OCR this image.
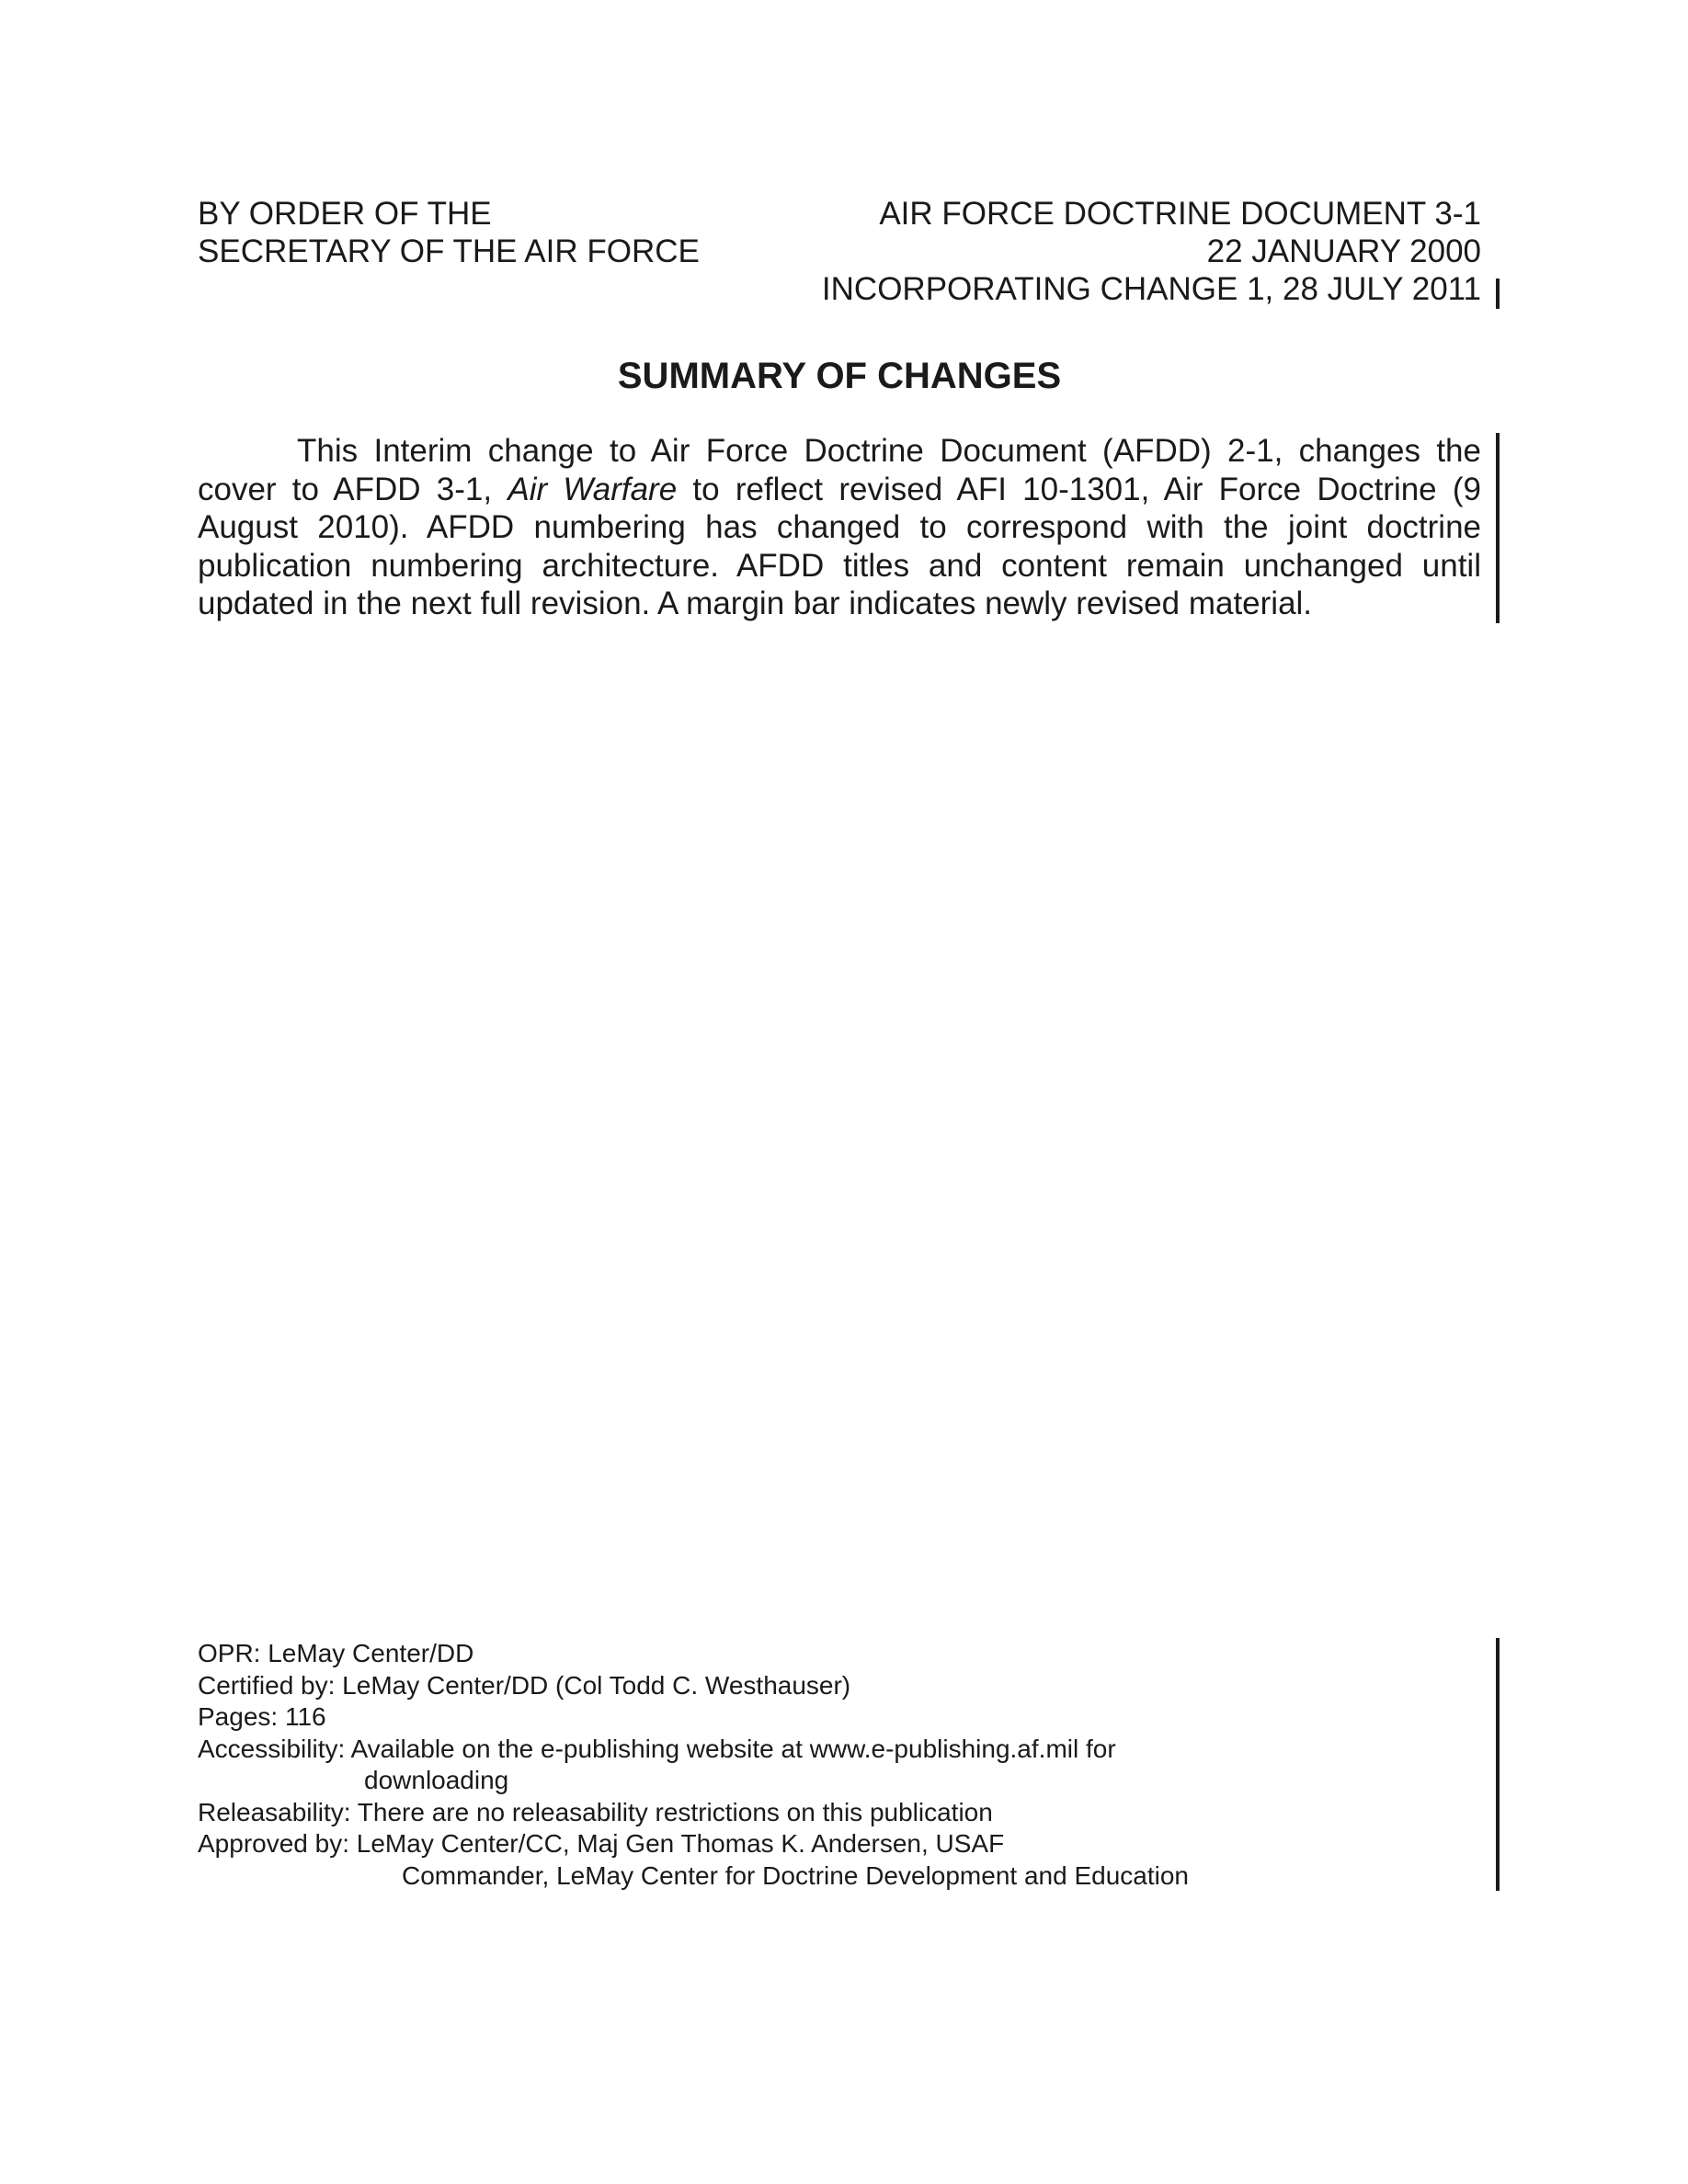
BY ORDER OF THE
SECRETARY OF THE AIR FORCE
AIR FORCE DOCTRINE DOCUMENT 3-1
22 JANUARY 2000
INCORPORATING CHANGE 1, 28 JULY 2011
SUMMARY OF CHANGES

This Interim change to Air Force Doctrine Document (AFDD) 2-1, changes the cover to AFDD 3-1, Air Warfare to reflect revised AFI 10-1301, Air Force Doctrine (9 August 2010). AFDD numbering has changed to correspond with the joint doctrine publication numbering architecture. AFDD titles and content remain unchanged until updated in the next full revision. A margin bar indicates newly revised material.

OPR: LeMay Center/DD
Certified by: LeMay Center/DD (Col Todd C. Westhauser)
Pages: 116
Accessibility: Available on the e-publishing website at www.e-publishing.af.mil for
downloading
Releasability: There are no releasability restrictions on this publication
Approved by: LeMay Center/CC, Maj Gen Thomas K. Andersen, USAF
Commander, LeMay Center for Doctrine Development and Education
